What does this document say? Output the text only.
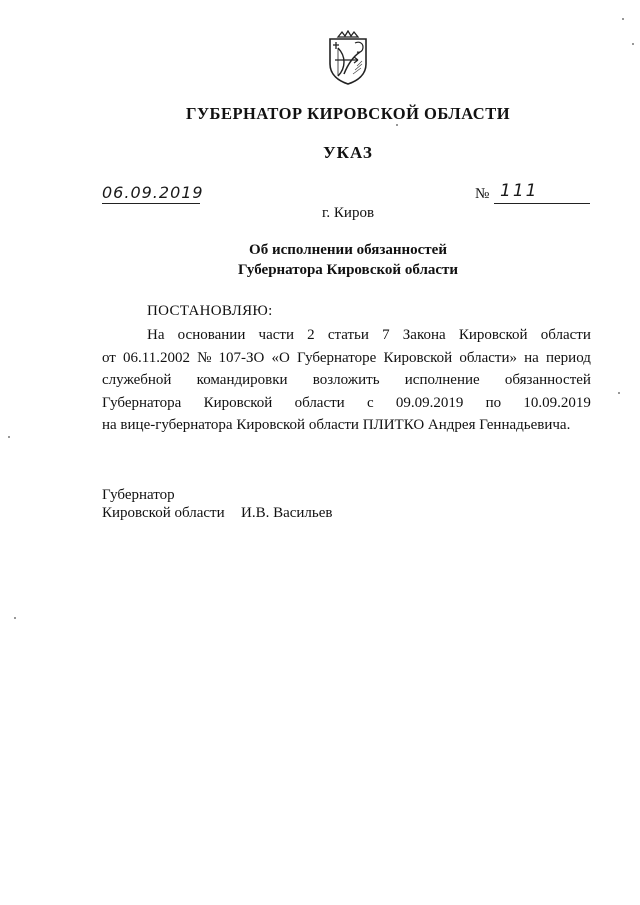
ГУБЕРНАТОР КИРОВСКОЙ ОБЛАСТИ
УКАЗ
06.09.2019	№ 111
г. Киров
Об исполнении обязанностей
Губернатора Кировской области
ПОСТАНОВЛЯЮ:
На основании части 2 статьи 7 Закона Кировской области
от 06.11.2002 № 107-ЗО «О Губернаторе Кировской области» на период
служебной командировки возложить исполнение обязанностей
Губернатора Кировской области с 09.09.2019 по 10.09.2019
на вице-губернатора Кировской области ПЛИТКО Андрея Геннадьевича.
Губернатор
Кировской области И.В. Васильев
